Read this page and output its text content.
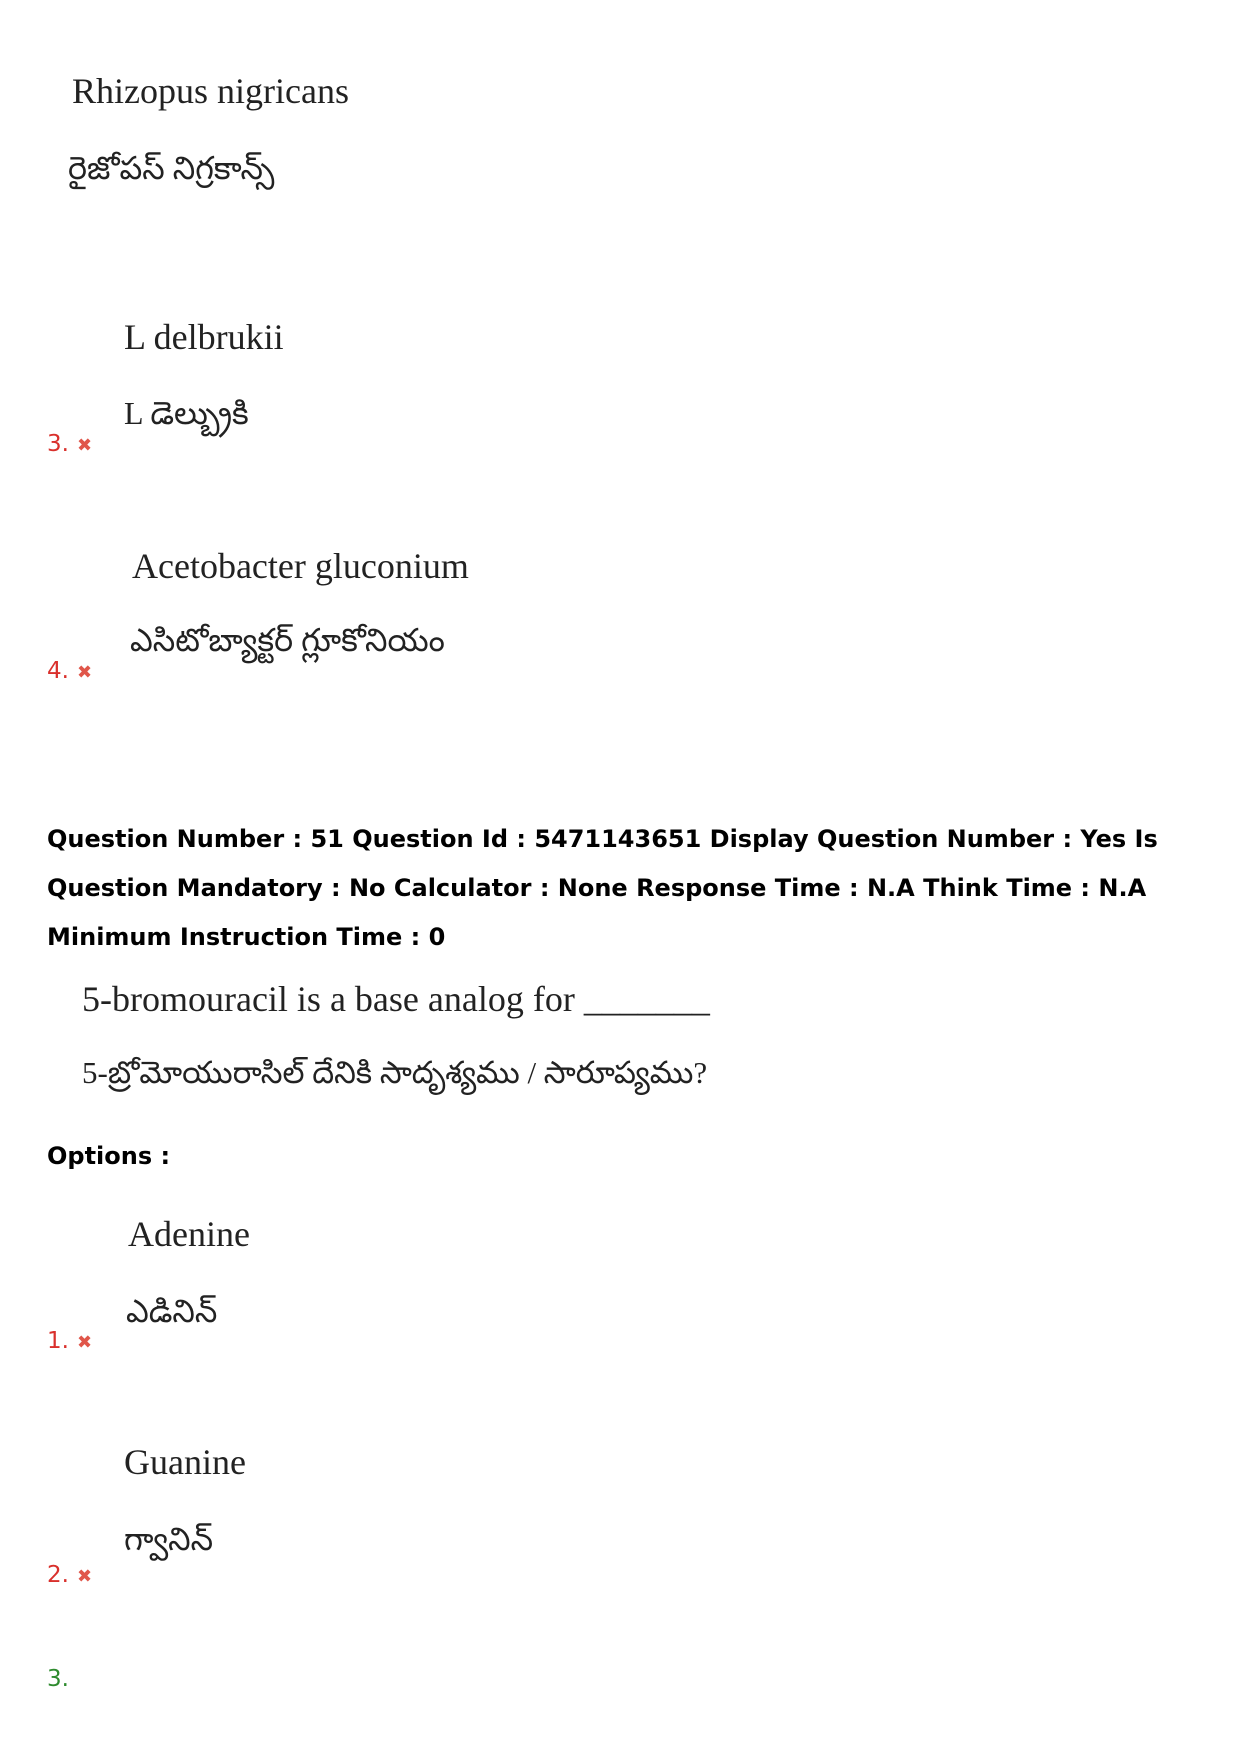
Rhizopus nigricans
రైజోపస్ నిగ్రకాన్స్
L delbrukii
L డెల్బ్రుకి
3. ✖
Acetobacter gluconium
ఎసిటోబ్యాక్టర్ గ్లూకోనియం
4. ✖
Question Number : 51 Question Id : 5471143651 Display Question Number : Yes Is Question Mandatory : No Calculator : None Response Time : N.A Think Time : N.A Minimum Instruction Time : 0
5-bromouracil is a base analog for _______
5-బ్రోమోయురాసిల్ దేనికి సాదృశ్యము / సారూప్యము?
Options :
Adenine
ఎడినిన్
1. ✖
Guanine
గ్వానిన్
2. ✖
3.
